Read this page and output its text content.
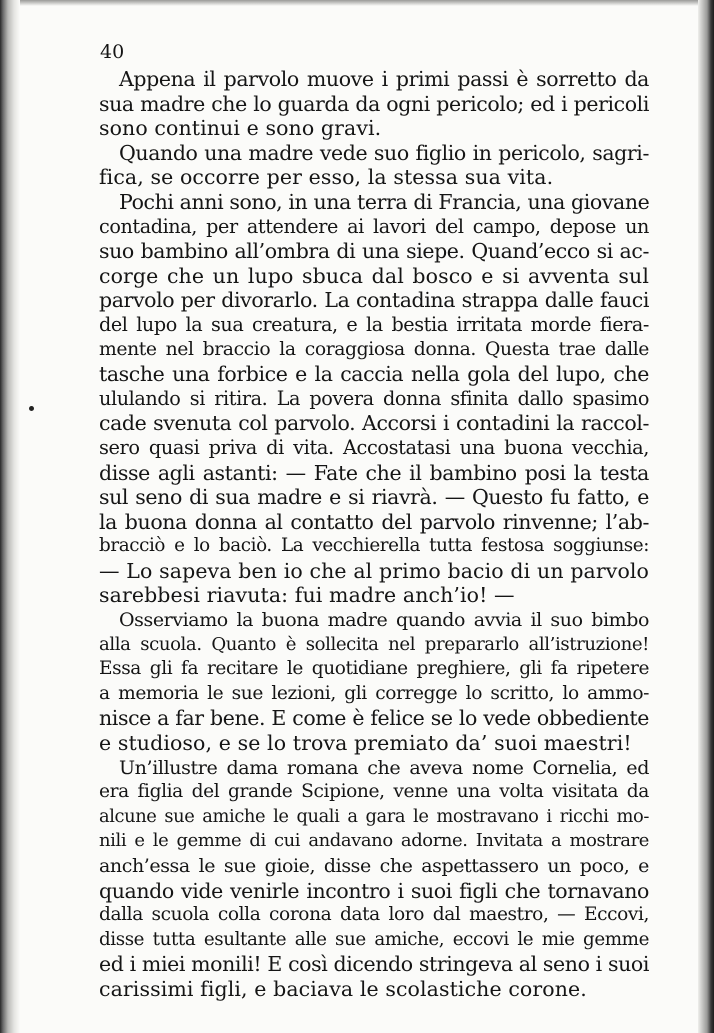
40
Appena il parvolo muove i primi passi è sorretto da
sua madre che lo guarda da ogni pericolo; ed i pericoli
sono continui e sono gravi.
Quando una madre vede suo figlio in pericolo, sagri-
fica, se occorre per esso, la stessa sua vita.
Pochi anni sono, in una terra di Francia, una giovane
contadina, per attendere ai lavori del campo, depose un
suo bambino all’ombra di una siepe. Quand’ecco si ac-
corge che un lupo sbuca dal bosco e si avventa sul
parvolo per divorarlo. La contadina strappa dalle fauci
del lupo la sua creatura, e la bestia irritata morde fiera-
mente nel braccio la coraggiosa donna. Questa trae dalle
tasche una forbice e la caccia nella gola del lupo, che
ululando si ritira. La povera donna sfinita dallo spasimo
cade svenuta col parvolo. Accorsi i contadini la raccol-
sero quasi priva di vita. Accostatasi una buona vecchia,
disse agli astanti: — Fate che il bambino posi la testa
sul seno di sua madre e si riavrà. — Questo fu fatto, e
la buona donna al contatto del parvolo rinvenne; l’ab-
bracciò e lo baciò. La vecchierella tutta festosa soggiunse:
— Lo sapeva ben io che al primo bacio di un parvolo
sarebbesi riavuta: fui madre anch’io! —
Osserviamo la buona madre quando avvia il suo bimbo
alla scuola. Quanto è sollecita nel prepararlo all’istruzione!
Essa gli fa recitare le quotidiane preghiere, gli fa ripetere
a memoria le sue lezioni, gli corregge lo scritto, lo ammo-
nisce a far bene. E come è felice se lo vede obbediente
e studioso, e se lo trova premiato da’ suoi maestri!
Un’illustre dama romana che aveva nome Cornelia, ed
era figlia del grande Scipione, venne una volta visitata da
alcune sue amiche le quali a gara le mostravano i ricchi mo-
nili e le gemme di cui andavano adorne. Invitata a mostrare
anch’essa le sue gioie, disse che aspettassero un poco, e
quando vide venirle incontro i suoi figli che tornavano
dalla scuola colla corona data loro dal maestro, — Eccovi,
disse tutta esultante alle sue amiche, eccovi le mie gemme
ed i miei monili! E così dicendo stringeva al seno i suoi
carissimi figli, e baciava le scolastiche corone.
